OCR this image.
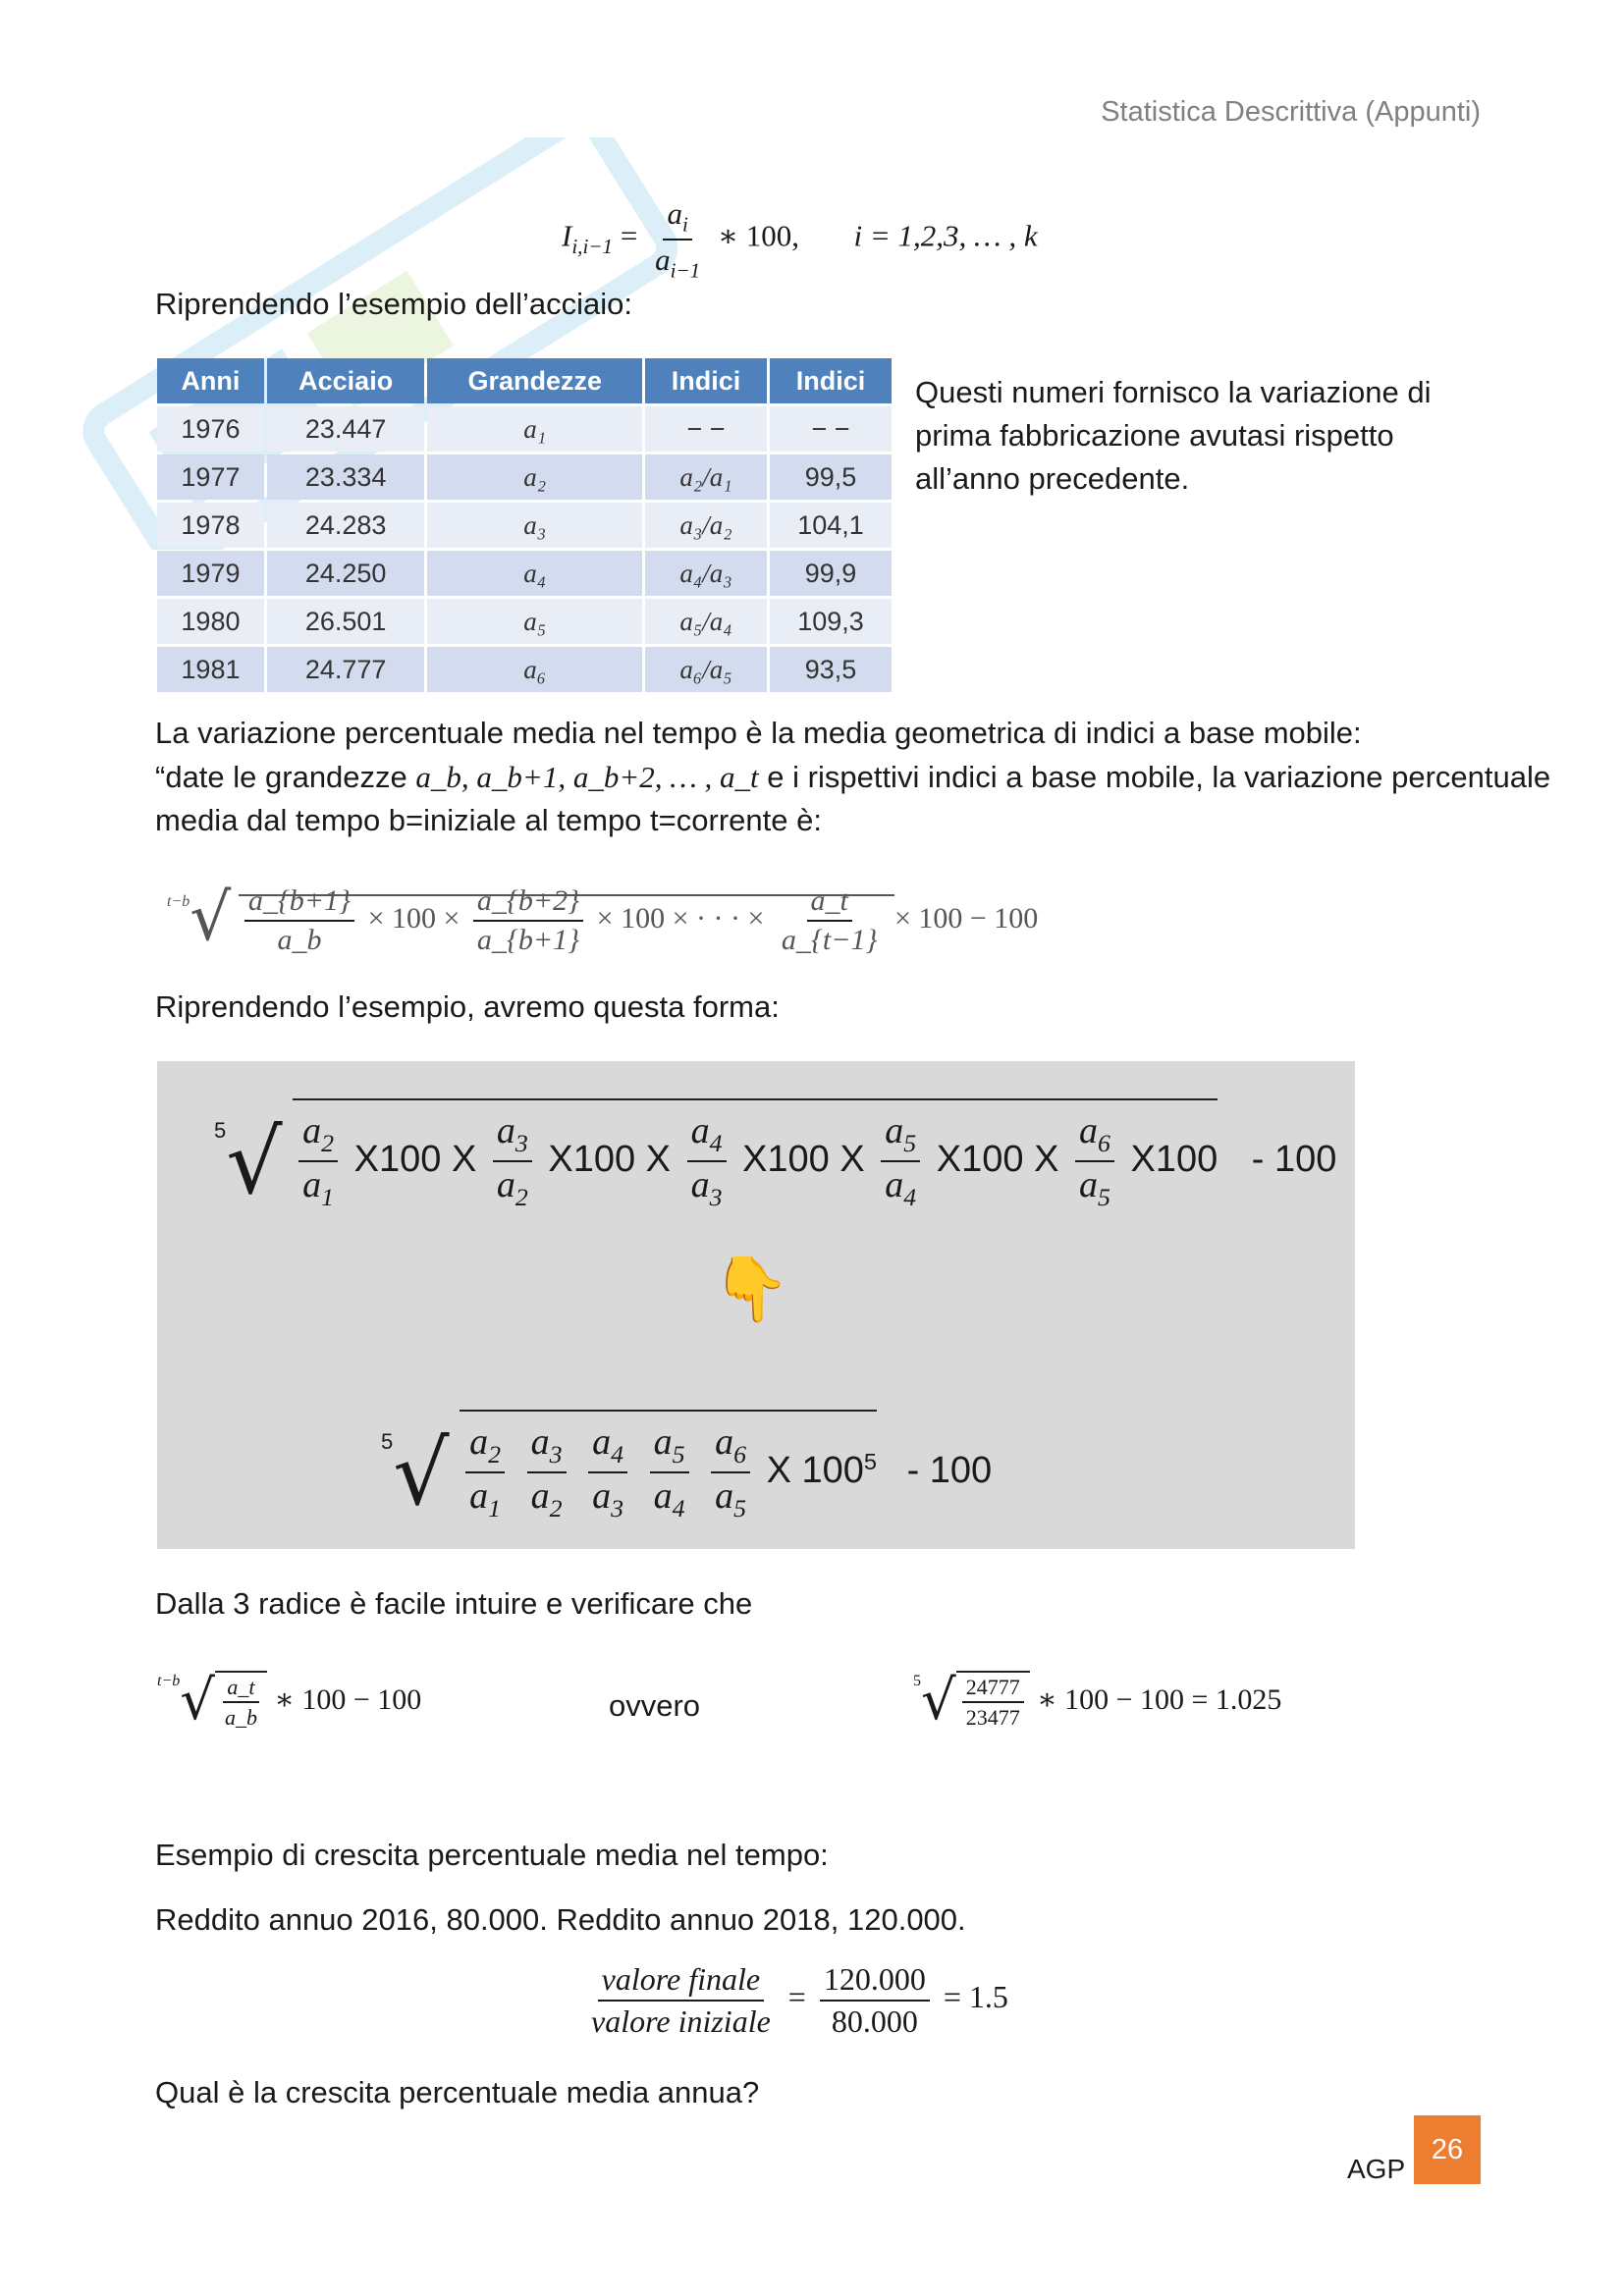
Statistica Descrittiva (Appunti)
$I_{i,i-1} = \frac{a_i}{a_{i-1}}$ ∗ 100, i = 1,2,3, … , k
Riprendendo l’esempio dell’acciaio:
Anni	Acciaio	Grandezze	Indici	Indici
1976	23.447	a₁	− −	− −
1977	23.334	a₂	a₂/a₁	99,5
1978	24.283	a₃	a₃/a₂	104,1
1979	24.250	a₄	a₄/a₃	99,9
1980	26.501	a₅	a₅/a₄	109,3
1981	24.777	a₆	a₆/a₅	93,5
Questi numeri fornisco la variazione di
prima fabbricazione avutasi rispetto
all’anno precedente.
La variazione percentuale media nel tempo è la media geometrica di indici a base mobile:
“date le grandezze a_b, a_b+1, a_b+2, … , a_t e i rispettivi indici a base mobile, la variazione percentuale
media dal tempo b=iniziale al tempo t=corrente è:
$^{t-b}√ \frac{a\_\{b+1\}}{a\_b} \times 100 \times \frac{a\_\{b+2\}}{a\_\{b+1\}} \times 100$ × · · · × $\frac{a\_t}{a\_\{t-1\}} \times 100 - 100$
Riprendendo l’esempio, avremo questa forma:
$^5√ \frac{a_2}{a_1} X100$ X $\frac{a_3}{a_2} X100$ X $\frac{a_4}{a_3} X100$ X $\frac{a_5}{a_4} X100$ X $\frac{a_6}{a_5} X100 - 100$
👇
$^5√ \frac{a_2}{a_1}$
$\frac{a_3}{a_2}$
$\frac{a_4}{a_3}$
$\frac{a_5}{a_4}$
$\frac{a_6}{a_5}$ X $100^5 - 100$
Dalla 3 radice è facile intuire e verificare che
$^{t-b}√ \frac{a\_t}{a\_b}$ ∗ 100 − 100	ovvero
$^5√ \frac{24777}{23477}$ ∗ 100 − 100 = 1.025
Esempio di crescita percentuale media nel tempo:
Reddito annuo 2016, 80.000. Reddito annuo 2018, 120.000.
$\frac{\text{valore finale}}{\text{valore iniziale}} = \frac{120.000}{80.000} = 1.5$
Qual è la crescita percentuale media annua?
AGP
26
